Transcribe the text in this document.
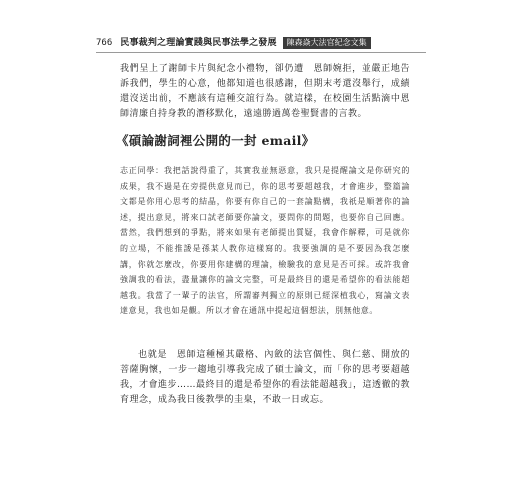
766 民事裁判之理論實踐與民事法學之發展	陳森焱大法官紀念文集

我們呈上了謝師卡片與紀念小禮物，卻仍遭　恩師婉拒，並嚴正地告訴我們，學生的心意，他都知道也很感謝，但期末考還沒舉行，成績還沒送出前，不應該有這種交誼行為。就這樣，在校園生活點滴中恩師清廉自持身教的潛移默化，遠遠勝過萬卷聖賢書的言教。

《碩論謝詞裡公開的一封 email》

志正同學：我把話說得重了，其實我並無惡意，我只是提醒論文是你研究的成果，我不過是在旁提供意見而已，你的思考要超越我，才會進步，整篇論文都是你用心思考的結晶，你要有你自己的一套論點構，我祇是順著你的論述，提出意見，將來口試老師要你論文，要問你的問題，也要你自己回應。當然，我們想到的爭點，將來如果有老師提出質疑，我會作解釋，可是就你的立場，不能推諉是孫某人教你這樣寫的。我要強調的是不要因為我怎麼講，你就怎麼改，你要用你建構的理論，檢驗我的意見是否可採。或許我會強調我的看法，盡量讓你的論文完整，可是最終目的還是希望你的看法能超越我。我當了一輩子的法官，所謂審判獨立的原則已經深植我心，寫論文表達意見，我也如是觀。所以才會在通訊中提起這個想法，別無他意。

也就是　恩師這種極其嚴格、內斂的法官個性、與仁慈、開放的菩薩胸懷，一步一趨地引導我完成了碩士論文，而「你的思考要超越我，才會進步……最終目的還是希望你的看法能超越我」，這透徹的教育理念，成為我日後教學的圭臬，不敢一日或忘。
